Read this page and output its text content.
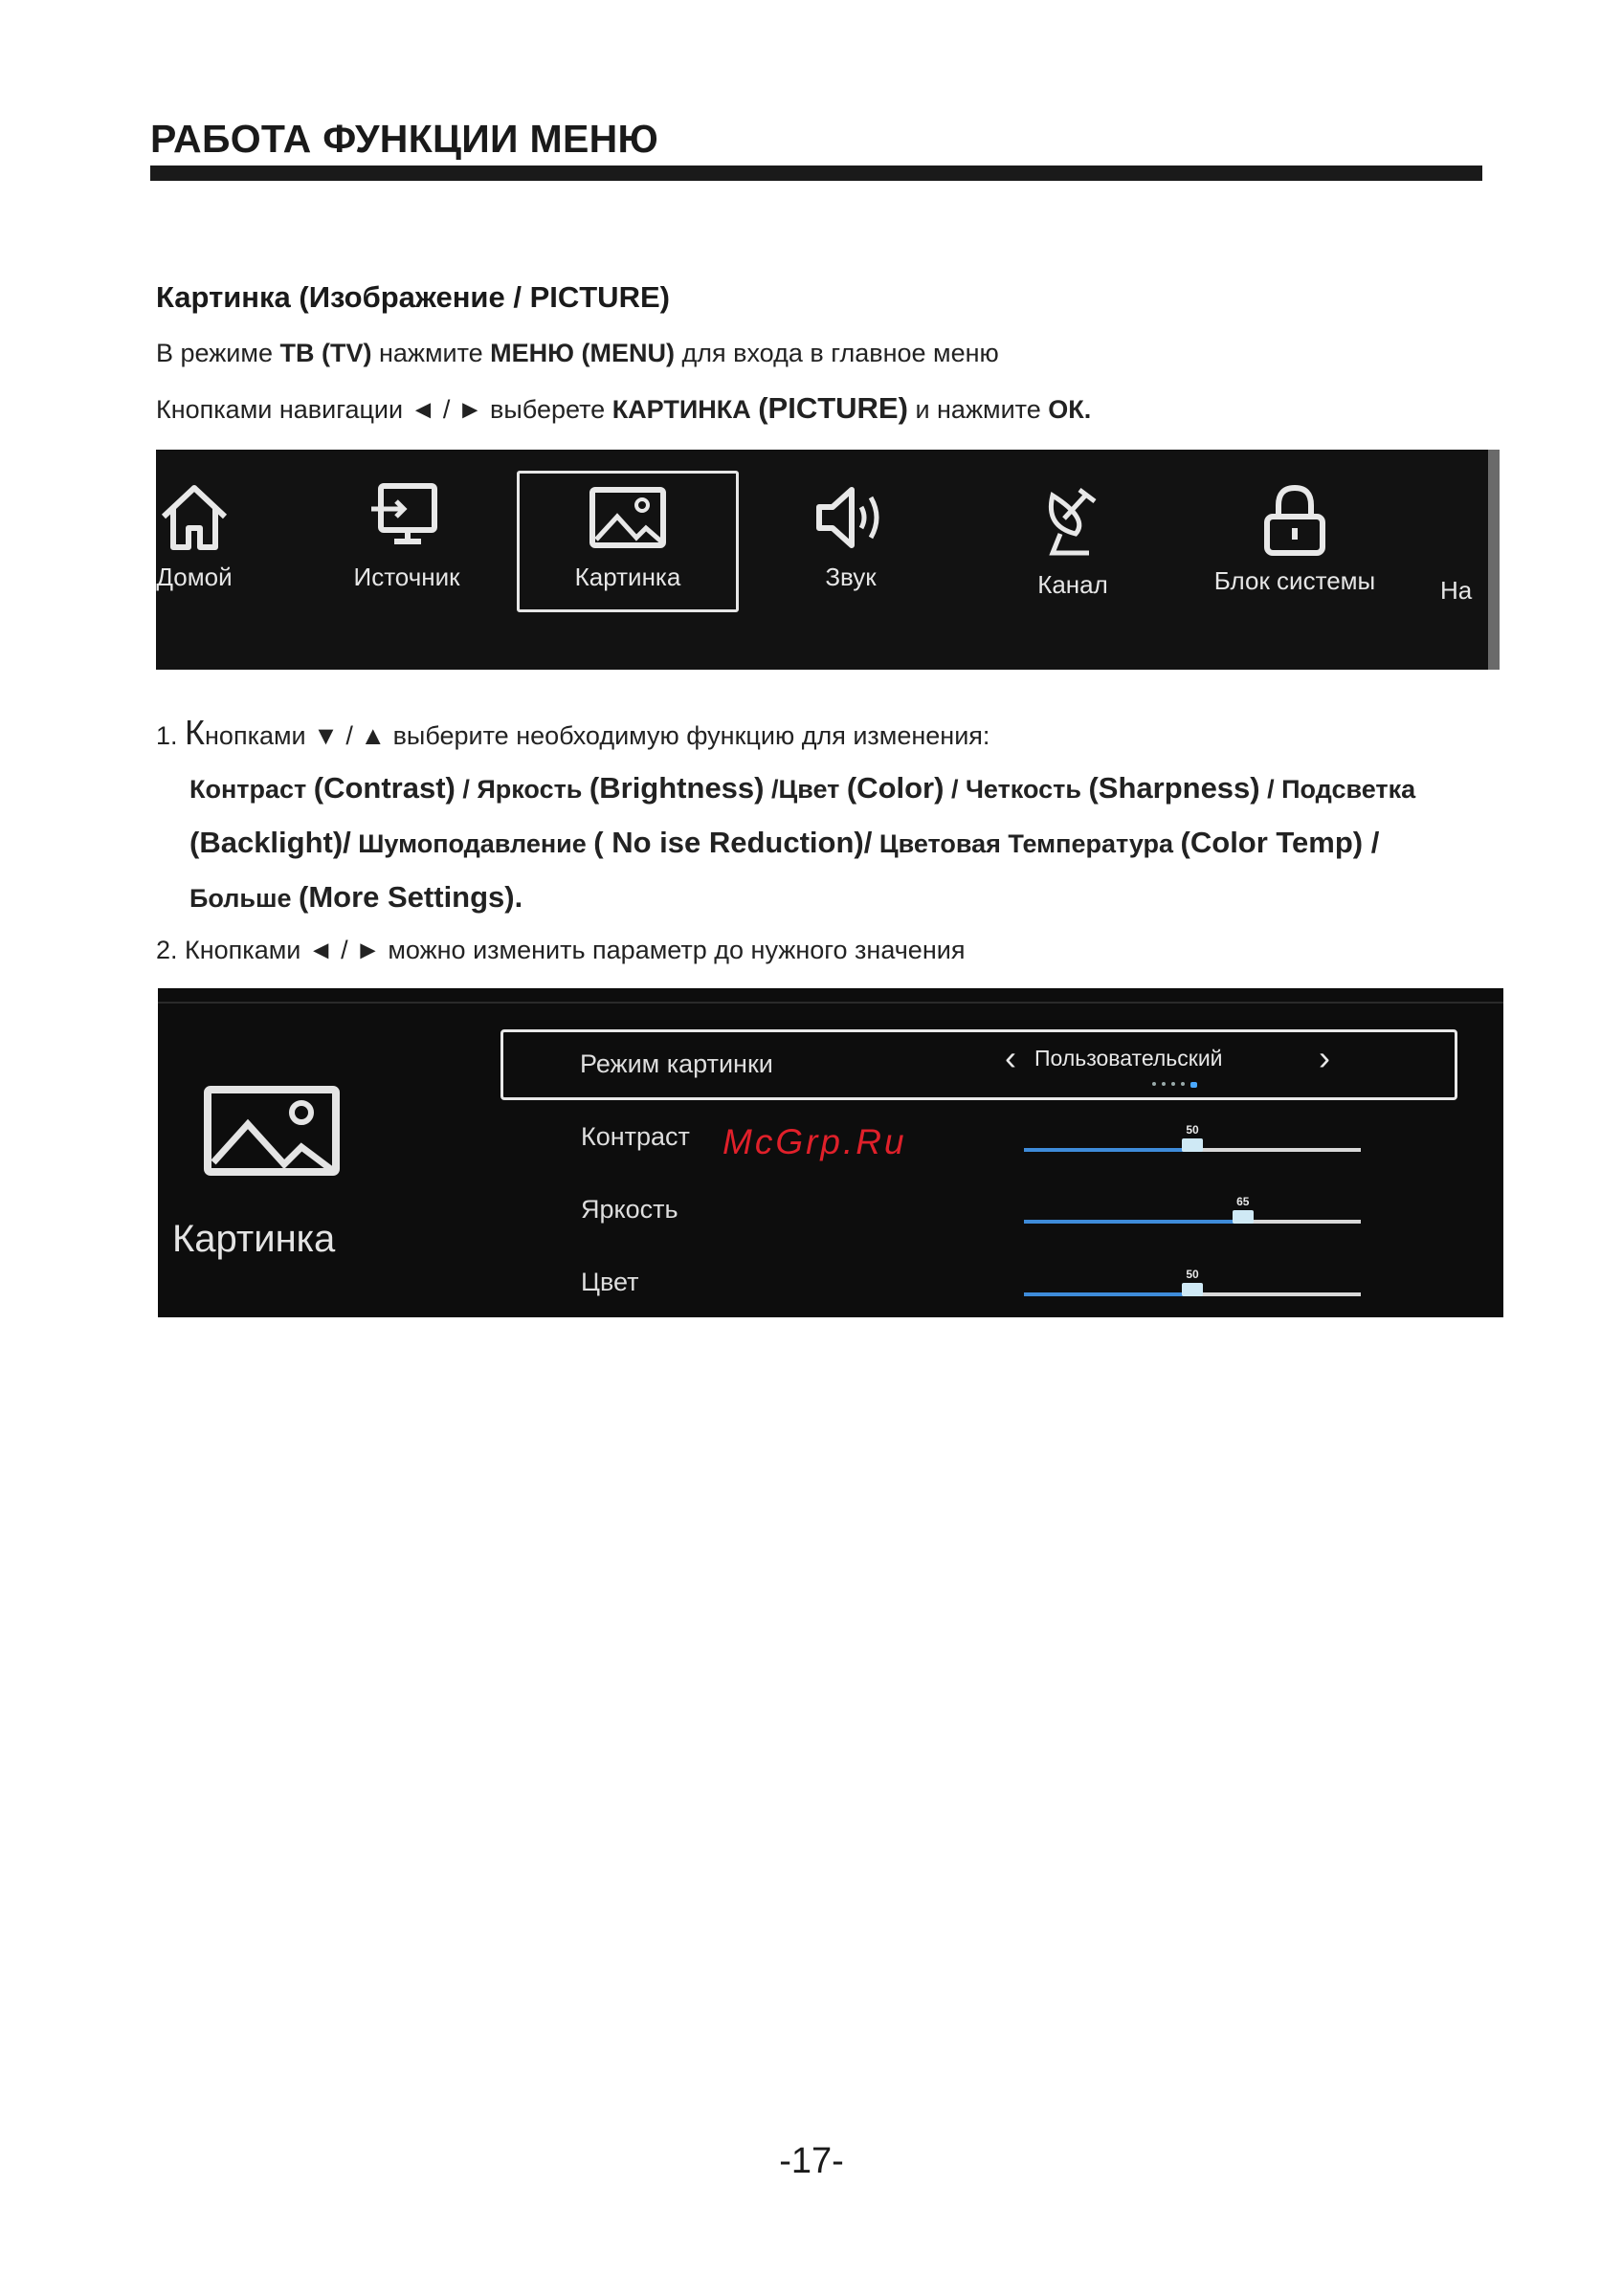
РАБОТА ФУНКЦИИ МЕНЮ
Картинка (Изображение / PICTURE)
В режиме ТВ (TV) нажмите МЕНЮ (MENU) для входа в главное меню
Кнопками навигации ◄ / ► выберете КАРТИНКА (PICTURE) и нажмите ОК.
Домой	Источник	Картинка	Звук	Канал	Блок системы	На
1. Кнопками ▼ / ▲ выберите необходимую функцию для изменения:
Контраст (Contrast) / Яркость (Brightness) /Цвет (Color) / Четкость (Sharpness) / Подсветка
(Backlight)/ Шумоподавление ( No ise Reduction)/ Цветовая Температура (Color Temp) /
Больше (More Settings).
2. Кнопками ◄ / ► можно изменить параметр до нужного значения
Картинка
Режим картинки	‹ Пользовательский	›
Контраст	50
Яркость	65
Цвет	50
McGrp.Ru
-17-
